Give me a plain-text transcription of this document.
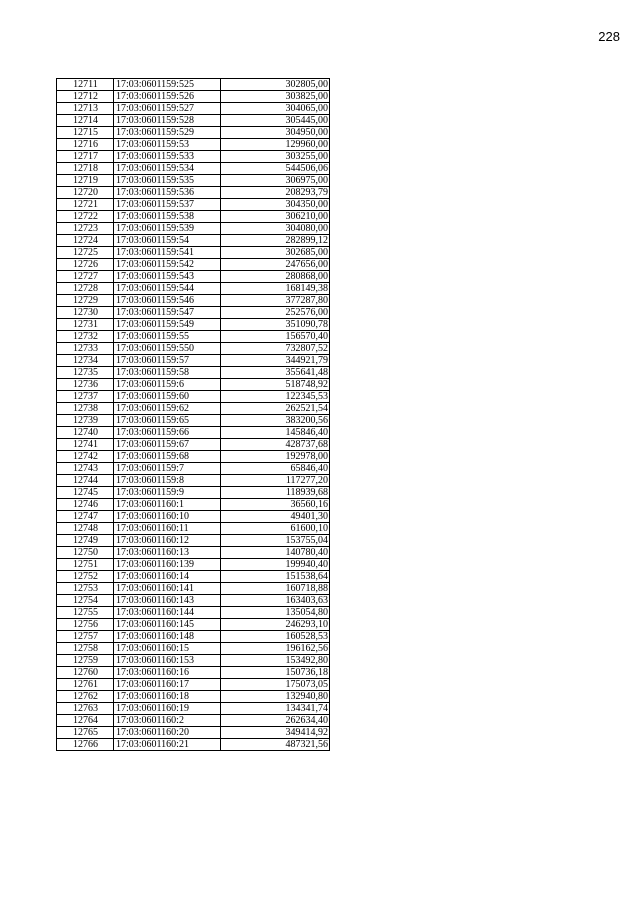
228
12711	17:03:0601159:525	302805,00
12712	17:03:0601159:526	303825,00
12713	17:03:0601159:527	304065,00
12714	17:03:0601159:528	305445,00
12715	17:03:0601159:529	304950,00
12716	17:03:0601159:53	129960,00
12717	17:03:0601159:533	303255,00
12718	17:03:0601159:534	544506,06
12719	17:03:0601159:535	306975,00
12720	17:03:0601159:536	208293,79
12721	17:03:0601159:537	304350,00
12722	17:03:0601159:538	306210,00
12723	17:03:0601159:539	304080,00
12724	17:03:0601159:54	282899,12
12725	17:03:0601159:541	302685,00
12726	17:03:0601159:542	247656,00
12727	17:03:0601159:543	280868,00
12728	17:03:0601159:544	168149,38
12729	17:03:0601159:546	377287,80
12730	17:03:0601159:547	252576,00
12731	17:03:0601159:549	351090,78
12732	17:03:0601159:55	156570,40
12733	17:03:0601159:550	732807,52
12734	17:03:0601159:57	344921,79
12735	17:03:0601159:58	355641,48
12736	17:03:0601159:6	518748,92
12737	17:03:0601159:60	122345,53
12738	17:03:0601159:62	262521,54
12739	17:03:0601159:65	383200,56
12740	17:03:0601159:66	145846,40
12741	17:03:0601159:67	428737,68
12742	17:03:0601159:68	192978,00
12743	17:03:0601159:7	65846,40
12744	17:03:0601159:8	117277,20
12745	17:03:0601159:9	118939,68
12746	17:03:0601160:1	36560,16
12747	17:03:0601160:10	49401,30
12748	17:03:0601160:11	61600,10
12749	17:03:0601160:12	153755,04
12750	17:03:0601160:13	140780,40
12751	17:03:0601160:139	199940,40
12752	17:03:0601160:14	151538,64
12753	17:03:0601160:141	160718,88
12754	17:03:0601160:143	163403,63
12755	17:03:0601160:144	135054,80
12756	17:03:0601160:145	246293,10
12757	17:03:0601160:148	160528,53
12758	17:03:0601160:15	196162,56
12759	17:03:0601160:153	153492,80
12760	17:03:0601160:16	150736,18
12761	17:03:0601160:17	175073,05
12762	17:03:0601160:18	132940,80
12763	17:03:0601160:19	134341,74
12764	17:03:0601160:2	262634,40
12765	17:03:0601160:20	349414,92
12766	17:03:0601160:21	487321,56
